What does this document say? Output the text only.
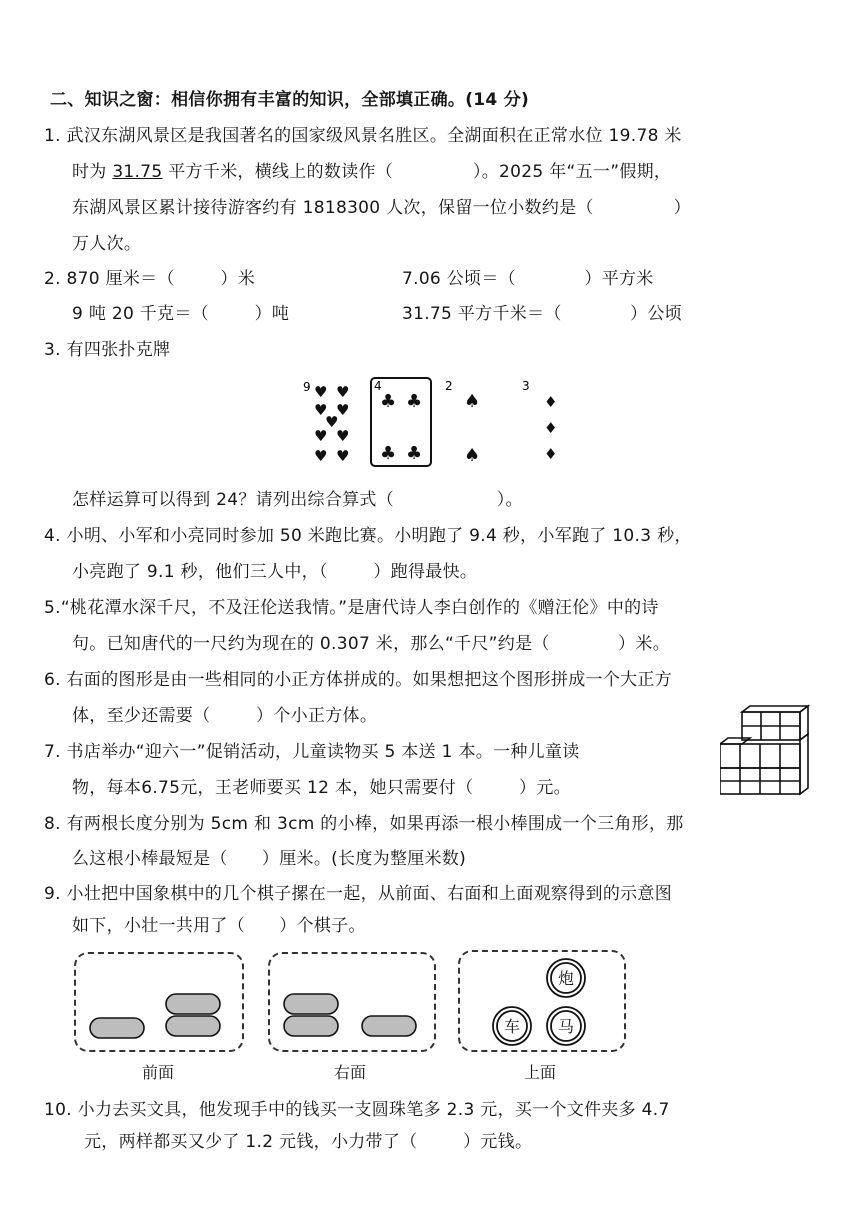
二、知识之窗：相信你拥有丰富的知识，全部填正确。(14 分)
1. 武汉东湖风景区是我国著名的国家级风景名胜区。全湖面积在正常水位 19.78 米
时为 31.75 平方千米，横线上的数读作（              ）。2025 年“五一”假期，
东湖风景区累计接待游客约有 1818300 人次，保留一位小数约是（              ）
万人次。
2. 870 厘米＝（        ）米	7.06 公顷＝（            ）平方米
9 吨 20 千克＝（        ）吨	31.75 平方千米＝（            ）公顷
3. 有四张扑克牌
9 ♥ ♥
♥ ♥
♥
♥ ♥
♥ ♥
4
♣ ♣
♣ ♣
2
♠
♠
3
♦
♦
♦
怎样运算可以得到 24？请列出综合算式（                  ）。
4. 小明、小军和小亮同时参加 50 米跑比赛。小明跑了 9.4 秒，小军跑了 10.3 秒，
小亮跑了 9.1 秒，他们三人中，（        ）跑得最快。
5.“桃花潭水深千尺，不及汪伦送我情。”是唐代诗人李白创作的《赠汪伦》中的诗
句。已知唐代的一尺约为现在的 0.307 米，那么“千尺”约是（            ）米。
6. 右面的图形是由一些相同的小正方体拼成的。如果想把这个图形拼成一个大正方
体，至少还需要（        ）个小正方体。
7. 书店举办“迎六一”促销活动，儿童读物买 5 本送 1 本。一种儿童读
物，每本6.75元，王老师要买 12 本，她只需要付（        ）元。
8. 有两根长度分别为 5cm 和 3cm 的小棒，如果再添一根小棒围成一个三角形，那
么这根小棒最短是（      ）厘米。(长度为整厘米数)
9. 小壮把中国象棋中的几个棋子摞在一起，从前面、右面和上面观察得到的示意图
如下，小壮一共用了（      ）个棋子。
前面	右面
炮
车 马
上面
10. 小力去买文具，他发现手中的钱买一支圆珠笔多 2.3 元，买一个文件夹多 4.7
元，两样都买又少了 1.2 元钱，小力带了（        ）元钱。
